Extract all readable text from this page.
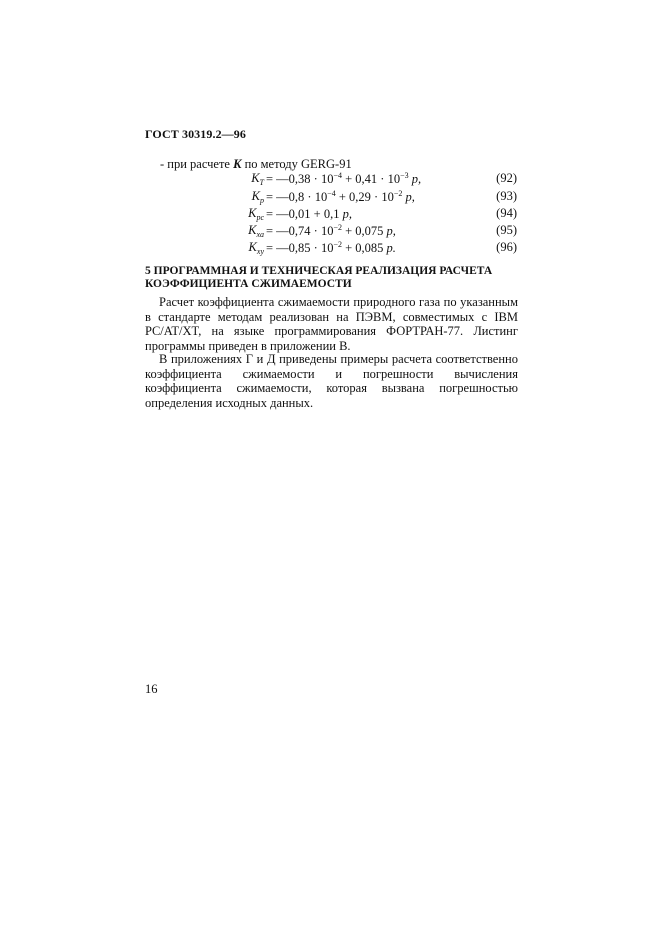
ГОСТ 30319.2—96
- при расчете K по методу GERG-91
$K_T$ = —0,38 · $10^{-4} + 0,41 \cdot 10^{-3}$ p,	(92)
$K_p$ = —0,8 · $10^{-4} + 0,29 \cdot 10^{-2}$ p,	(93)
$K_{рс}$ = —0,01 + 0,1 p,	(94)
$K_{xa}$ = —0,74 · $10^{-2} + 0,075$ p,	(95)
$K_{xy}$ = —0,85 · $10^{-2} + 0,085$ p.	(96)
5 ПРОГРАММНАЯ И ТЕХНИЧЕСКАЯ РЕАЛИЗАЦИЯ РАСЧЕТА КОЭФФИЦИЕНТА СЖИМАЕМОСТИ

Расчет коэффициента сжимаемости природного газа по указанным в стандарте методам реализован на ПЭВМ, совместимых с IBM PC/AT/XT, на языке программирования ФОРТРАН-77. Листинг программы приведен в приложении В.

В приложениях Г и Д приведены примеры расчета соответственно коэффициента сжимаемости и погрешности вычисления коэффициента сжимаемости, которая вызвана погрешностью определения исходных данных.

16
